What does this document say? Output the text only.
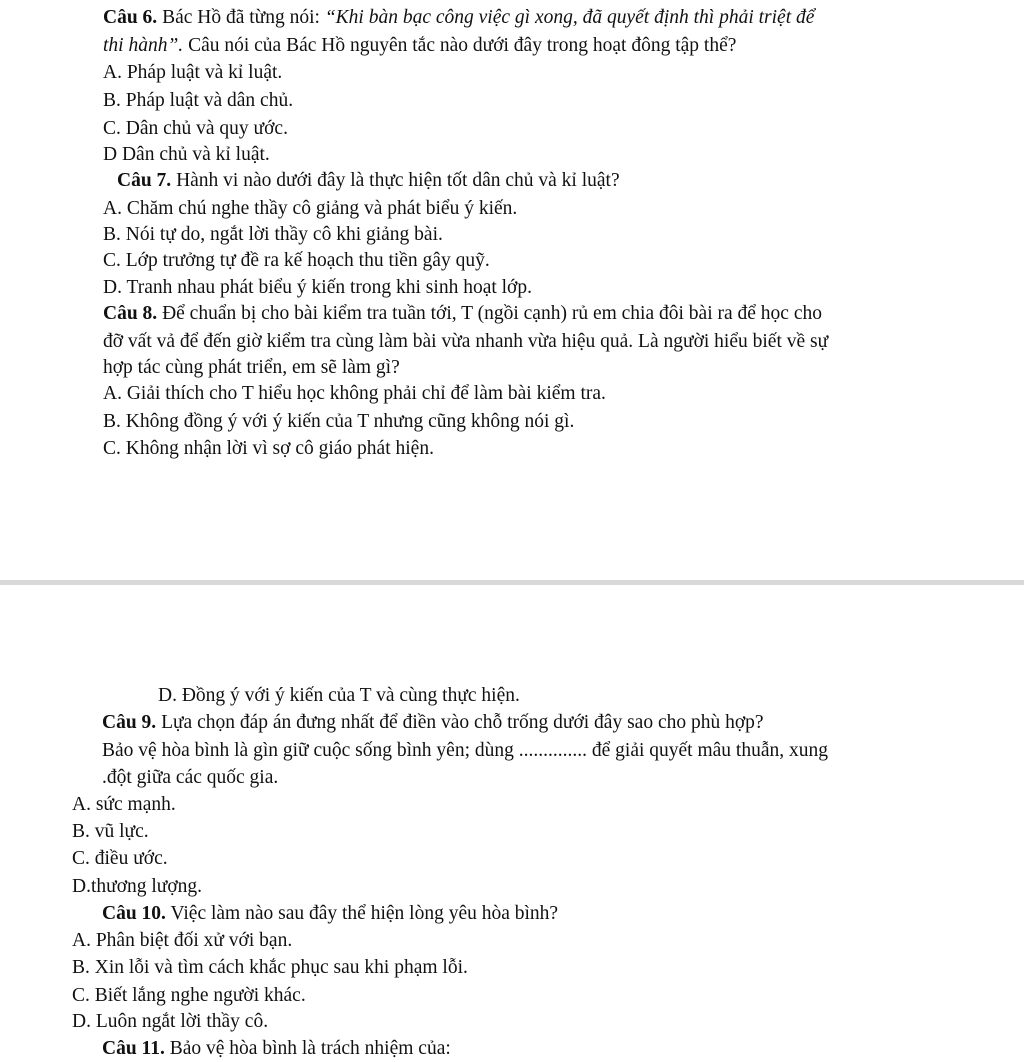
Câu 6. Bác Hồ đã từng nói: “Khi bàn bạc công việc gì xong, đã quyết định thì phải triệt để
thi hành”. Câu nói của Bác Hồ nguyên tắc nào dưới đây trong hoạt đông tập thể?
A. Pháp luật và kỉ luật.
B. Pháp luật và dân chủ.
C. Dân chủ và quy ước.
D Dân chủ và kỉ luật.
Câu 7. Hành vi nào dưới đây là thực hiện tốt dân chủ và kỉ luật?
A. Chăm chú nghe thầy cô giảng và phát biểu ý kiến.
B. Nói tự do, ngắt lời thầy cô khi giảng bài.
C. Lớp trưởng tự đề ra kế hoạch thu tiền gây quỹ.
D. Tranh nhau phát biểu ý kiến trong khi sinh hoạt lớp.
Câu 8. Để chuẩn bị cho bài kiểm tra tuần tới, T (ngồi cạnh) rủ em chia đôi bài ra để học cho
đỡ vất vả để đến giờ kiểm tra cùng làm bài vừa nhanh vừa hiệu quả. Là người hiểu biết về sự
hợp tác cùng phát triển, em sẽ làm gì?
A. Giải thích cho T hiểu học không phải chỉ để làm bài kiểm tra.
B. Không đồng ý với ý kiến của T nhưng cũng không nói gì.
C. Không nhận lời vì sợ cô giáo phát hiện.
D. Đồng ý với ý kiến của T và cùng thực hiện.
Câu 9. Lựa chọn đáp án đưng nhất để điền vào chỗ trống dưới đây sao cho phù hợp?
Bảo vệ hòa bình là gìn giữ cuộc sống bình yên; dùng .............. để giải quyết mâu thuẫn, xung
.đột giữa các quốc gia.
A. sức mạnh.
B. vũ lực.
C. điều ước.
D.thương lượng.
Câu 10. Việc làm nào sau đây thể hiện lòng yêu hòa bình?
A. Phân biệt đối xử với bạn.
B. Xin lỗi và tìm cách khắc phục sau khi phạm lỗi.
C. Biết lắng nghe người khác.
D. Luôn ngắt lời thầy cô.
Câu 11. Bảo vệ hòa bình là trách nhiệm của:
